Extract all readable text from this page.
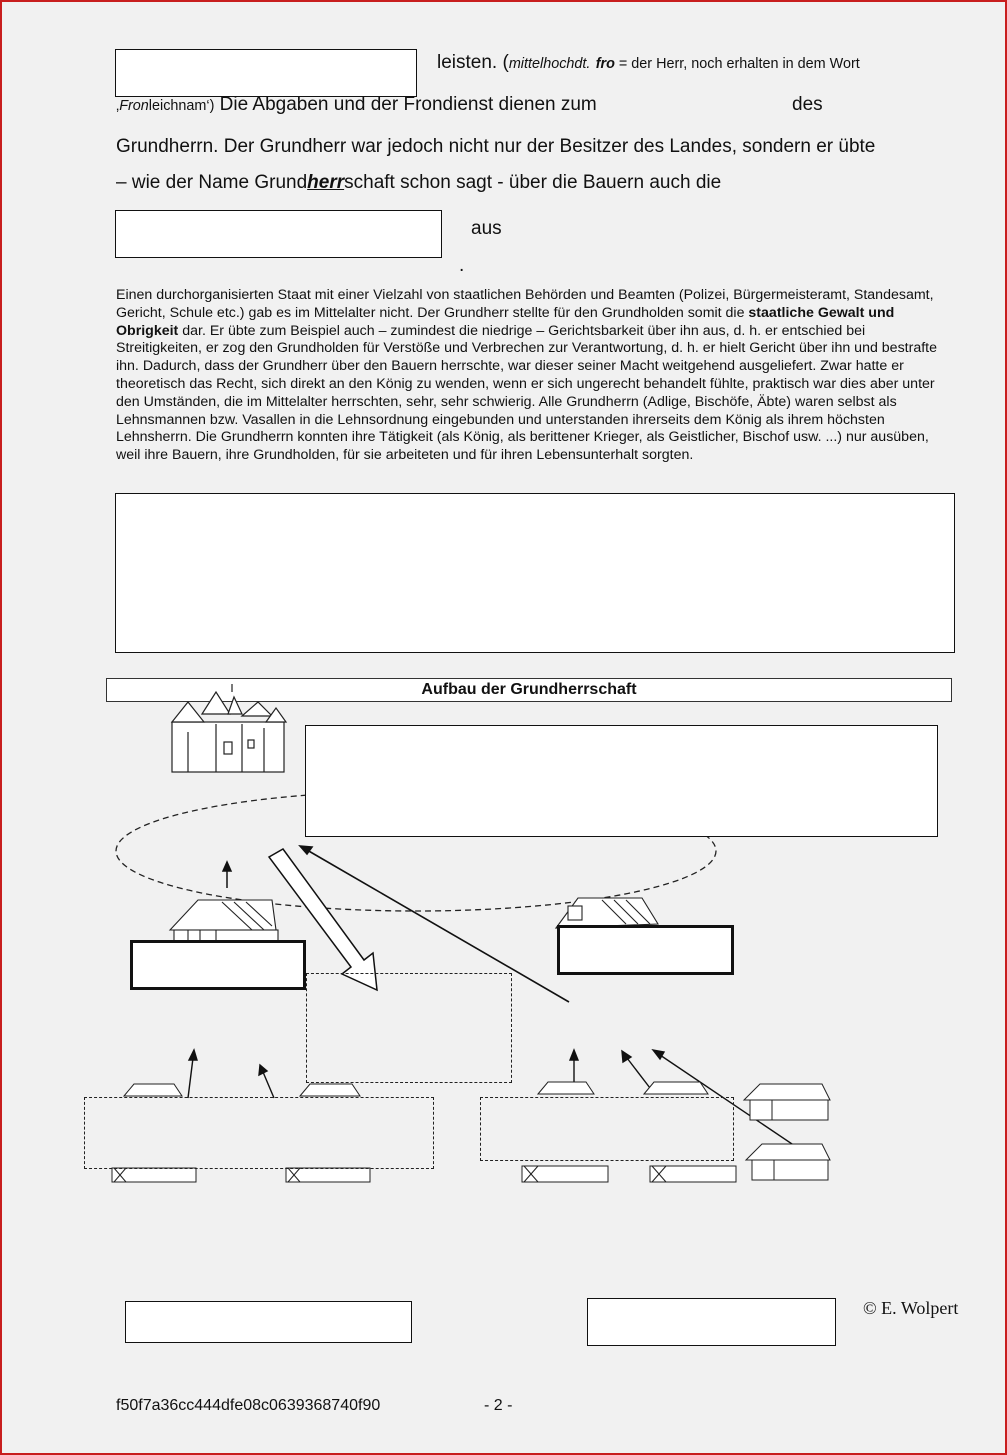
leisten. (mittelhochdt. fro = der Herr, noch erhalten in dem Wort
‚Fronleichnam‘) Die Abgaben und der Frondienst dienen zum	des
Grundherrn. Der Grundherr war jedoch nicht nur der Besitzer des Landes, sondern er übte
– wie der Name Grundherrschaft schon sagt - über die Bauern auch die
aus
.
Einen durchorganisierten Staat mit einer Vielzahl von staatlichen Behörden und Beamten (Polizei, Bürgermeisteramt, Standesamt, Gericht, Schule etc.) gab es im Mittelalter nicht. Der Grundherr stellte für den Grundholden somit die staatliche Gewalt und Obrigkeit dar. Er übte zum Beispiel auch – zumindest die niedrige – Gerichtsbarkeit über ihn aus, d. h. er entschied bei Streitigkeiten, er zog den Grundholden für Verstöße und Verbrechen zur Verantwortung, d. h. er hielt Gericht über ihn und bestrafte ihn. Dadurch, dass der Grundherr über den Bauern herrschte, war dieser seiner Macht weitgehend ausgeliefert. Zwar hatte er theoretisch das Recht, sich direkt an den König zu wenden, wenn er sich ungerecht behandelt fühlte, praktisch war dies aber unter den Umständen, die im Mittelalter herrschten, sehr, sehr schwierig. Alle Grundherrn (Adlige, Bischöfe, Äbte) waren selbst als Lehnsmannen bzw. Vasallen in die Lehnsordnung eingebunden und unterstanden ihrerseits dem König als ihrem höchsten Lehnsherrn. Die Grundherrn konnten ihre Tätigkeit (als König, als berittener Krieger, als Geistlicher, Bischof usw. ...) nur ausüben, weil ihre Bauern, ihre Grundholden, für sie arbeiteten und für ihren Lebensunterhalt sorgten.
Aufbau der Grundherrschaft
© E. Wolpert
f50f7a36cc444dfe08c0639368740f90	- 2 -
